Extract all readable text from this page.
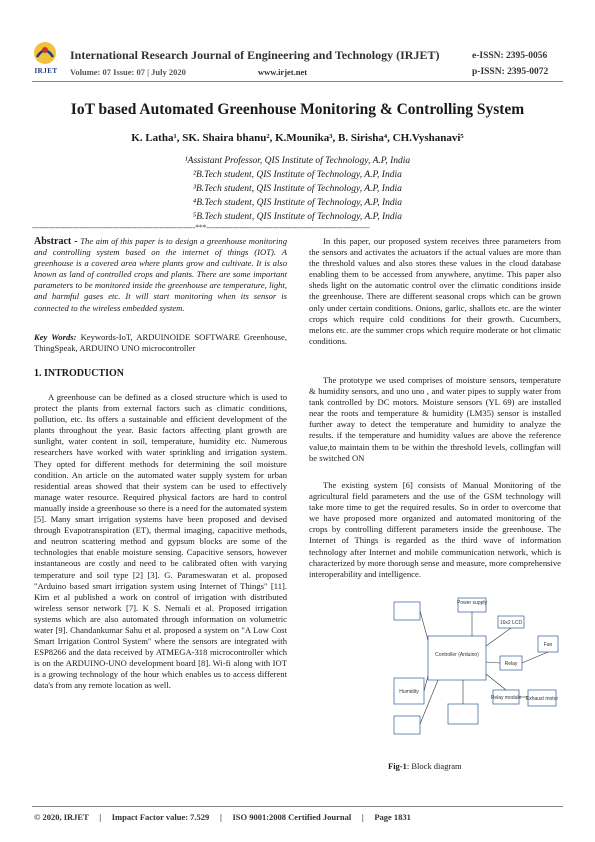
IRJET
International Research Journal of Engineering and Technology (IRJET)	e-ISSN: 2395-0056
Volume: 07 Issue: 07 | July 2020	www.irjet.net	p-ISSN: 2395-0072
IoT based Automated Greenhouse Monitoring & Controlling System
K. Latha¹, SK. Shaira bhanu², K.Mounika³, B. Sirisha⁴, CH.Vyshanavi⁵
¹Assistant Professor, QIS Institute of Technology, A.P, India
²B.Tech student, QIS Institute of Technology, A.P, India
³B.Tech student, QIS Institute of Technology, A.P, India
⁴B.Tech student, QIS Institute of Technology, A.P, India
⁵B.Tech student, QIS Institute of Technology, A.P, India
---------------------------------------------------------------------***---------------------------------------------------------------------
Abstract - The aim of this paper is to design a greenhouse monitoring and controlling system based on the internet of things (IOT). A greenhouse is a covered area where plants grow and cultivate. It is also known as land of controlled crops and plants. There are some important parameters to be monitored inside the greenhouse are temperature, light, and harmful gases etc. It will start monitoring when its sensor is connected to the wireless embedded system.
Key Words: Keywords-IoT, ARDUINOIDE SOFTWARE Greenhouse, ThingSpeak, ARDUINO UNO microcontroller
1. INTRODUCTION
A greenhouse can be defined as a closed structure which is used to protect the plants from external factors such as climatic conditions, pollution, etc. Its offers a sustainable and efficient development of the plants throughout the year. Basic factors affecting plant growth are sunlight, water content in soil, temperature, humidity etc. Numerous researchers have worked with water sprinkling and irrigation system. They opted for different methods for determining the soil moisture condition. An article on the automated water supply system for urban residential areas showed that their system can be used to effectively manage water resource. Required physical factors are hard to control manually inside a greenhouse so there is a need for the automated system [5]. Many smart irrigation systems have been proposed and devised through Evapotranspiration (ET), thermal imaging, capacitive methods, and neutron scattering method and gypsum blocks are some of the technologies that enable moisture sensing. Capacitive sensors, however instantaneous are costly and need to be calibrated often with varying temperature and soil type [2] [3]. G. Parameswaran et al. proposed "Arduino based smart irrigation system using Internet of Things" [11]. Kim et al published a work on control of irrigation with distributed wireless sensor network [7]. K S. Nemali et al. Proposed irrigation systems which are also automated through information on volumetric water [9]. Chandankumar Sahu et al. proposed a system on "A Low Cost Smart Irrigation Control System" where the sensors are integrated with ESP8266 and the data received by ATMEGA-318 microcontroller which is on the ARDUINO-UNO development board [8]. Wi-fi along with IOT is a growing technology of the hour which enables us to access different data's from any remote location as well.
In this paper, our proposed system receives three parameters from the sensors and activates the actuators if the actual values are more than the threshold values and also stores these values in the cloud database enabling them to be accessed from anywhere, anytime. This paper also sheds light on the automatic control over the climatic conditions inside the greenhouse. There are different seasonal crops which can be grown only under certain conditions. Onions, garlic, shallots etc. are the winter crops which require cold conditions for their growth. Cucumbers, melons etc. are the summer crops which require moderate or hot climatic conditions.
The prototype we used comprises of moisture sensors, temperature & humidity sensors, and uno uno , and water pipes to supply water from tank controlled by DC motors. Moisture sensors (YL 69) are installed near the roots and temperature & humidity (LM35) sensor is installed further away to detect the temperature and humidity to analyze the results. if the temperature and humidity values are above the reference value,to maintain them to be within the threshold levels, collingfan will be switched ON
The existing system [6] consists of Manual Monitoring of the agricultural field parameters and the use of the GSM technology will take more time to get the required results. So in order to overcome that we have proposed more organized and automated monitoring of the crops by controlling different parameters inside the greenhouse. The Internet of Things is regarded as the third wave of information technology after Internet and mobile communication network, which is characterized by more thorough sense and measure, more comprehensive interoperability and intelligence.
Power supply
16x2 LCD
Controller (Arduino)
Relay
Humidity
Fan
Relay module Exhaust motor
Fig-1: Block diagram
© 2020, IRJET     |     Impact Factor value: 7.529     |     ISO 9001:2008 Certified Journal     |     Page 1831
